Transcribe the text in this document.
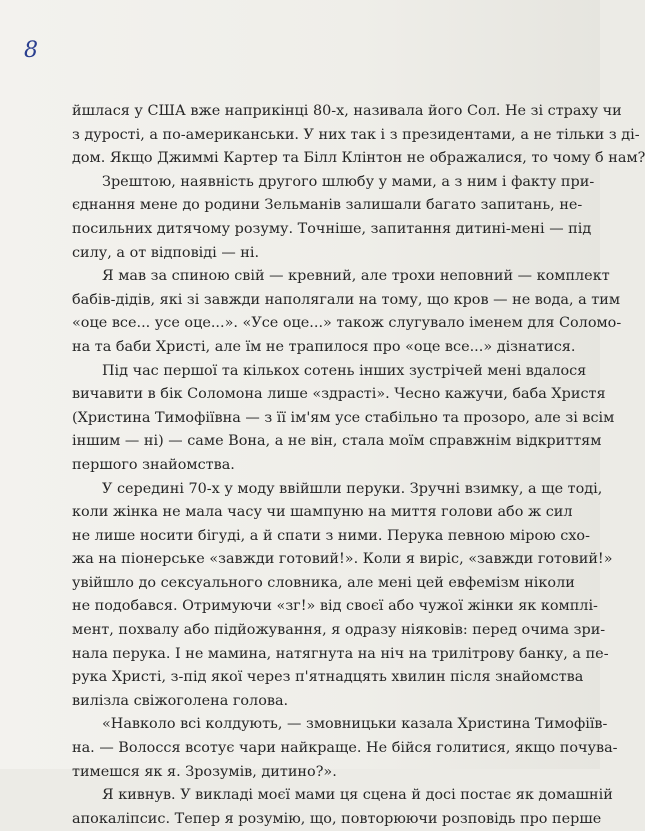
8
йшлася у США вже наприкінці 80-х, називала його Сол. Не зі страху чи
з дурості, а по-американськи. У них так і з президентами, а не тільки з ді-
дом. Якщо Джиммі Картер та Білл Клінтон не ображалися, то чому б нам?
Зрештою, наявність другого шлюбу у мами, а з ним і факту при-
єднання мене до родини Зельманів залишали багато запитань, не-
посильних дитячому розуму. Точніше, запитання дитині-мені — під
силу, а от відповіді — ні.
Я мав за спиною свій — кревний, але трохи неповний — комплект
бабів-дідів, які зі завжди наполягали на тому, що кров — не вода, а тим
«оце все... усе оце...». «Усе оце...» також слугувало іменем для Соломо-
на та баби Христі, але їм не трапилося про «оце все...» дізнатися.
Під час першої та кількох сотень інших зустрічей мені вдалося
вичавити в бік Соломона лише «здрасті». Чесно кажучи, баба Христя
(Христина Тимофіївна — з її ім'ям усе стабільно та прозоро, але зі всім
іншим — ні) — саме Вона, а не він, стала моїм справжнім відкриттям
першого знайомства.
У середині 70-х у моду ввійшли перуки. Зручні взимку, а ще тоді,
коли жінка не мала часу чи шампуню на миття голови або ж сил
не лише носити бігуді, а й спати з ними. Перука певною мірою схо-
жа на піонерське «завжди готовий!». Коли я виріс, «завжди готовий!»
увійшло до сексуального словника, але мені цей евфемізм ніколи
не подобався. Отримуючи «зг!» від своєї або чужої жінки як комплі-
мент, похвалу або підйожування, я одразу ніяковів: перед очима зри-
нала перука. І не мамина, натягнута на ніч на трилітрову банку, а пе-
рука Христі, з-під якої через п'ятнадцять хвилин після знайомства
вилізла свіжоголена голова.
«Навколо всі колдують, — змовницьки казала Христина Тимофіїв-
на. — Волосся всотує чари найкраще. Не бійся голитися, якщо почува-
тимешся як я. Зрозумів, дитино?».
Я кивнув. У викладі моєї мами ця сцена й досі постає як домашній
апокаліпсис. Тепер я розумію, що, повторюючи розповідь про перше
